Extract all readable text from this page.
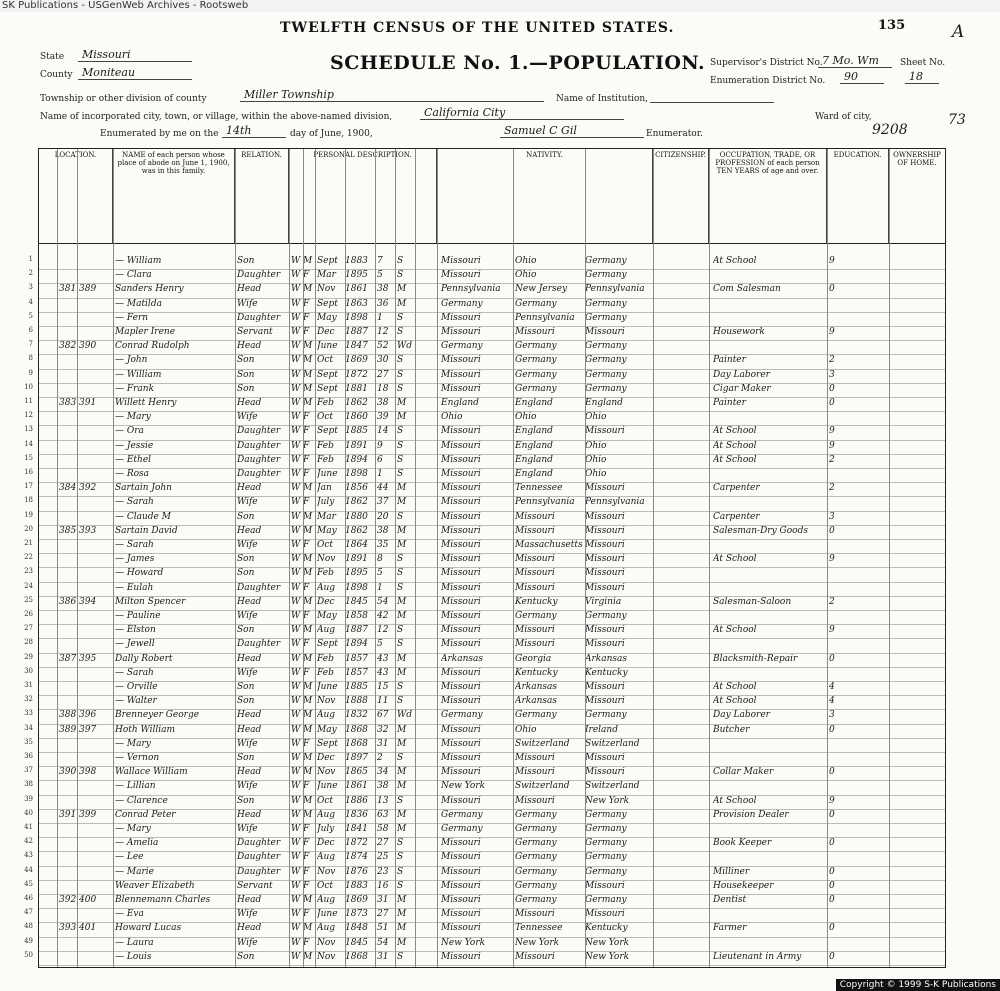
SK Publications - USGenWeb Archives - Rootsweb
TWELFTH CENSUS OF THE UNITED STATES.	135	A
SCHEDULE No. 1.—POPULATION.
State	Missouri
County Moniteau
Supervisor's District No. 7 Mo. Wm	Sheet No.
Enumeration District No.	90	18
Township or other division of county	Miller Township	Name of Institution,
Name of incorporated city, town, or village, within the above-named division,	California City	Ward of city,
Enumerated by me on the 14th	day of June, 1900,	Samuel C Gil	Enumerator.	9208
73
LOCATION.	NAME of each person whose place of abode on June 1, 1900, was in this family.
RELATION.	PERSONAL DESCRIPTION.	NATIVITY.	CITIZENSHIP.	OCCUPATION, TRADE, OR PROFESSION of each person TEN YEARS of age and over.
EDUCATION.	OWNERSHIP OF HOME.
1	— William	Son	W M Sept 1883	7	S	Missouri	Ohio	Germany	At School	9
2	— Clara	Daughter	W F Mar	1895	5	S	Missouri	Ohio	Germany
3	381 389	Sanders Henry	Head	W M Nov	1861	38 M	Pennsylvania	New Jersey	Pennsylvania	Com Salesman	0
4	— Matilda	Wife	W F Sept 1863	36 M	Germany	Germany	Germany
5	— Fern	Daughter	W F May 1898	1	S	Missouri	Pennsylvania	Germany
6	Mapler Irene	Servant	W F Dec	1887	12 S	Missouri	Missouri	Missouri	Housework	9
7	382 390	Conrad Rudolph	Head	W M June 1847	52 Wd	Germany	Germany	Germany
8	— John	Son	W M Oct	1869	30 S	Missouri	Germany	Germany	Painter	2
9	— William	Son	W M Sept 1872	27 S	Missouri	Germany	Germany	Day Laborer	3
10	— Frank	Son	W M Sept 1881	18 S	Missouri	Germany	Germany	Cigar Maker	0
11	383 391	Willett Henry	Head	W M Feb	1862	38 M	England	England	England	Painter	0
12	— Mary	Wife	W F Oct	1860	39 M	Ohio	Ohio	Ohio
13	— Ora	Daughter	W F Sept 1885	14 S	Missouri	England	Missouri	At School	9
14	— Jessie	Daughter	W F Feb	1891	9	S	Missouri	England	Ohio	At School	9
15	— Ethel	Daughter	W F Feb	1894	6	S	Missouri	England	Ohio	At School	2
16	— Rosa	Daughter	W F June 1898	1	S	Missouri	England	Ohio
17	384 392	Sartain John	Head	W M Jan	1856	44 M	Missouri	Tennessee	Missouri	Carpenter	2
18	— Sarah	Wife	W F July	1862	37 M	Missouri	Pennsylvania	Pennsylvania
19	— Claude M	Son	W M Mar	1880	20 S	Missouri	Missouri	Missouri	Carpenter	3
20	385 393	Sartain David	Head	W M May 1862	38 M	Missouri	Missouri	Missouri	Salesman-Dry Goods	0
21	— Sarah	Wife	W F Oct	1864	35 M	Missouri	Massachusetts Missouri
22	— James	Son	W M Nov	1891	8	S	Missouri	Missouri	Missouri	At School	9
23	— Howard	Son	W M Feb	1895	5	S	Missouri	Missouri	Missouri
24	— Eulah	Daughter	W F Aug	1898	1	S	Missouri	Missouri	Missouri
25	386 394	Milton Spencer	Head	W M Dec	1845	54 M	Missouri	Kentucky	Virginia	Salesman-Saloon	2
26	— Pauline	Wife	W F May 1858	42 M	Missouri	Germany	Germany
27	— Elston	Son	W M Aug	1887	12 S	Missouri	Missouri	Missouri	At School	9
28	— Jewell	Daughter	W F Sept 1894	5	S	Missouri	Missouri	Missouri
29	387 395	Dally Robert	Head	W M Feb	1857	43 M	Arkansas	Georgia	Arkansas	Blacksmith-Repair	0
30	— Sarah	Wife	W F Feb	1857	43 M	Missouri	Kentucky	Kentucky
31	— Orville	Son	W M June 1885	15 S	Missouri	Arkansas	Missouri	At School	4
32	— Walter	Son	W M Nov	1888	11 S	Missouri	Arkansas	Missouri	At School	4
33	388 396	Brenneyer George	Head	W M Aug	1832	67 Wd	Germany	Germany	Germany	Day Laborer	3
34	389 397	Hoth William	Head	W M May 1868	32 M	Missouri	Ohio	Ireland	Butcher	0
35	— Mary	Wife	W F Sept 1868	31 M	Missouri	Switzerland	Switzerland
36	— Vernon	Son	W M Dec	1897	2	S	Missouri	Missouri	Missouri
37	390 398	Wallace William	Head	W M Nov	1865	34 M	Missouri	Missouri	Missouri	Collar Maker	0
38	— Lillian	Wife	W F June 1861	38 M	New York	Switzerland	Switzerland
39	— Clarence	Son	W M Oct	1886	13 S	Missouri	Missouri	New York	At School	9
40	391 399	Conrad Peter	Head	W M Aug	1836	63 M	Germany	Germany	Germany	Provision Dealer	0
41	— Mary	Wife	W F July	1841	58 M	Germany	Germany	Germany
42	— Amelia	Daughter	W F Dec	1872	27 S	Missouri	Germany	Germany	Book Keeper	0
43	— Lee	Daughter	W F Aug	1874	25 S	Missouri	Germany	Germany
44	— Marie	Daughter	W F Nov	1876	23 S	Missouri	Germany	Germany	Milliner	0
45	Weaver Elizabeth	Servant	W F Oct	1883	16 S	Missouri	Germany	Missouri	Housekeeper	0
46	392 400	Blennemann Charles	Head	W M Aug	1869	31 M	Missouri	Germany	Germany	Dentist	0
47	— Eva	Wife	W F June 1873	27 M	Missouri	Missouri	Missouri
48	393 401	Howard Lucas	Head	W M Aug	1848	51 M	Missouri	Tennessee	Kentucky	Farmer	0
49	— Laura	Wife	W F Nov	1845	54 M	New York	New York	New York
50	— Louis	Son	W M Nov	1868	31 S	Missouri	Missouri	New York	Lieutenant in Army	0
Copyright © 1999 S-K Publications
